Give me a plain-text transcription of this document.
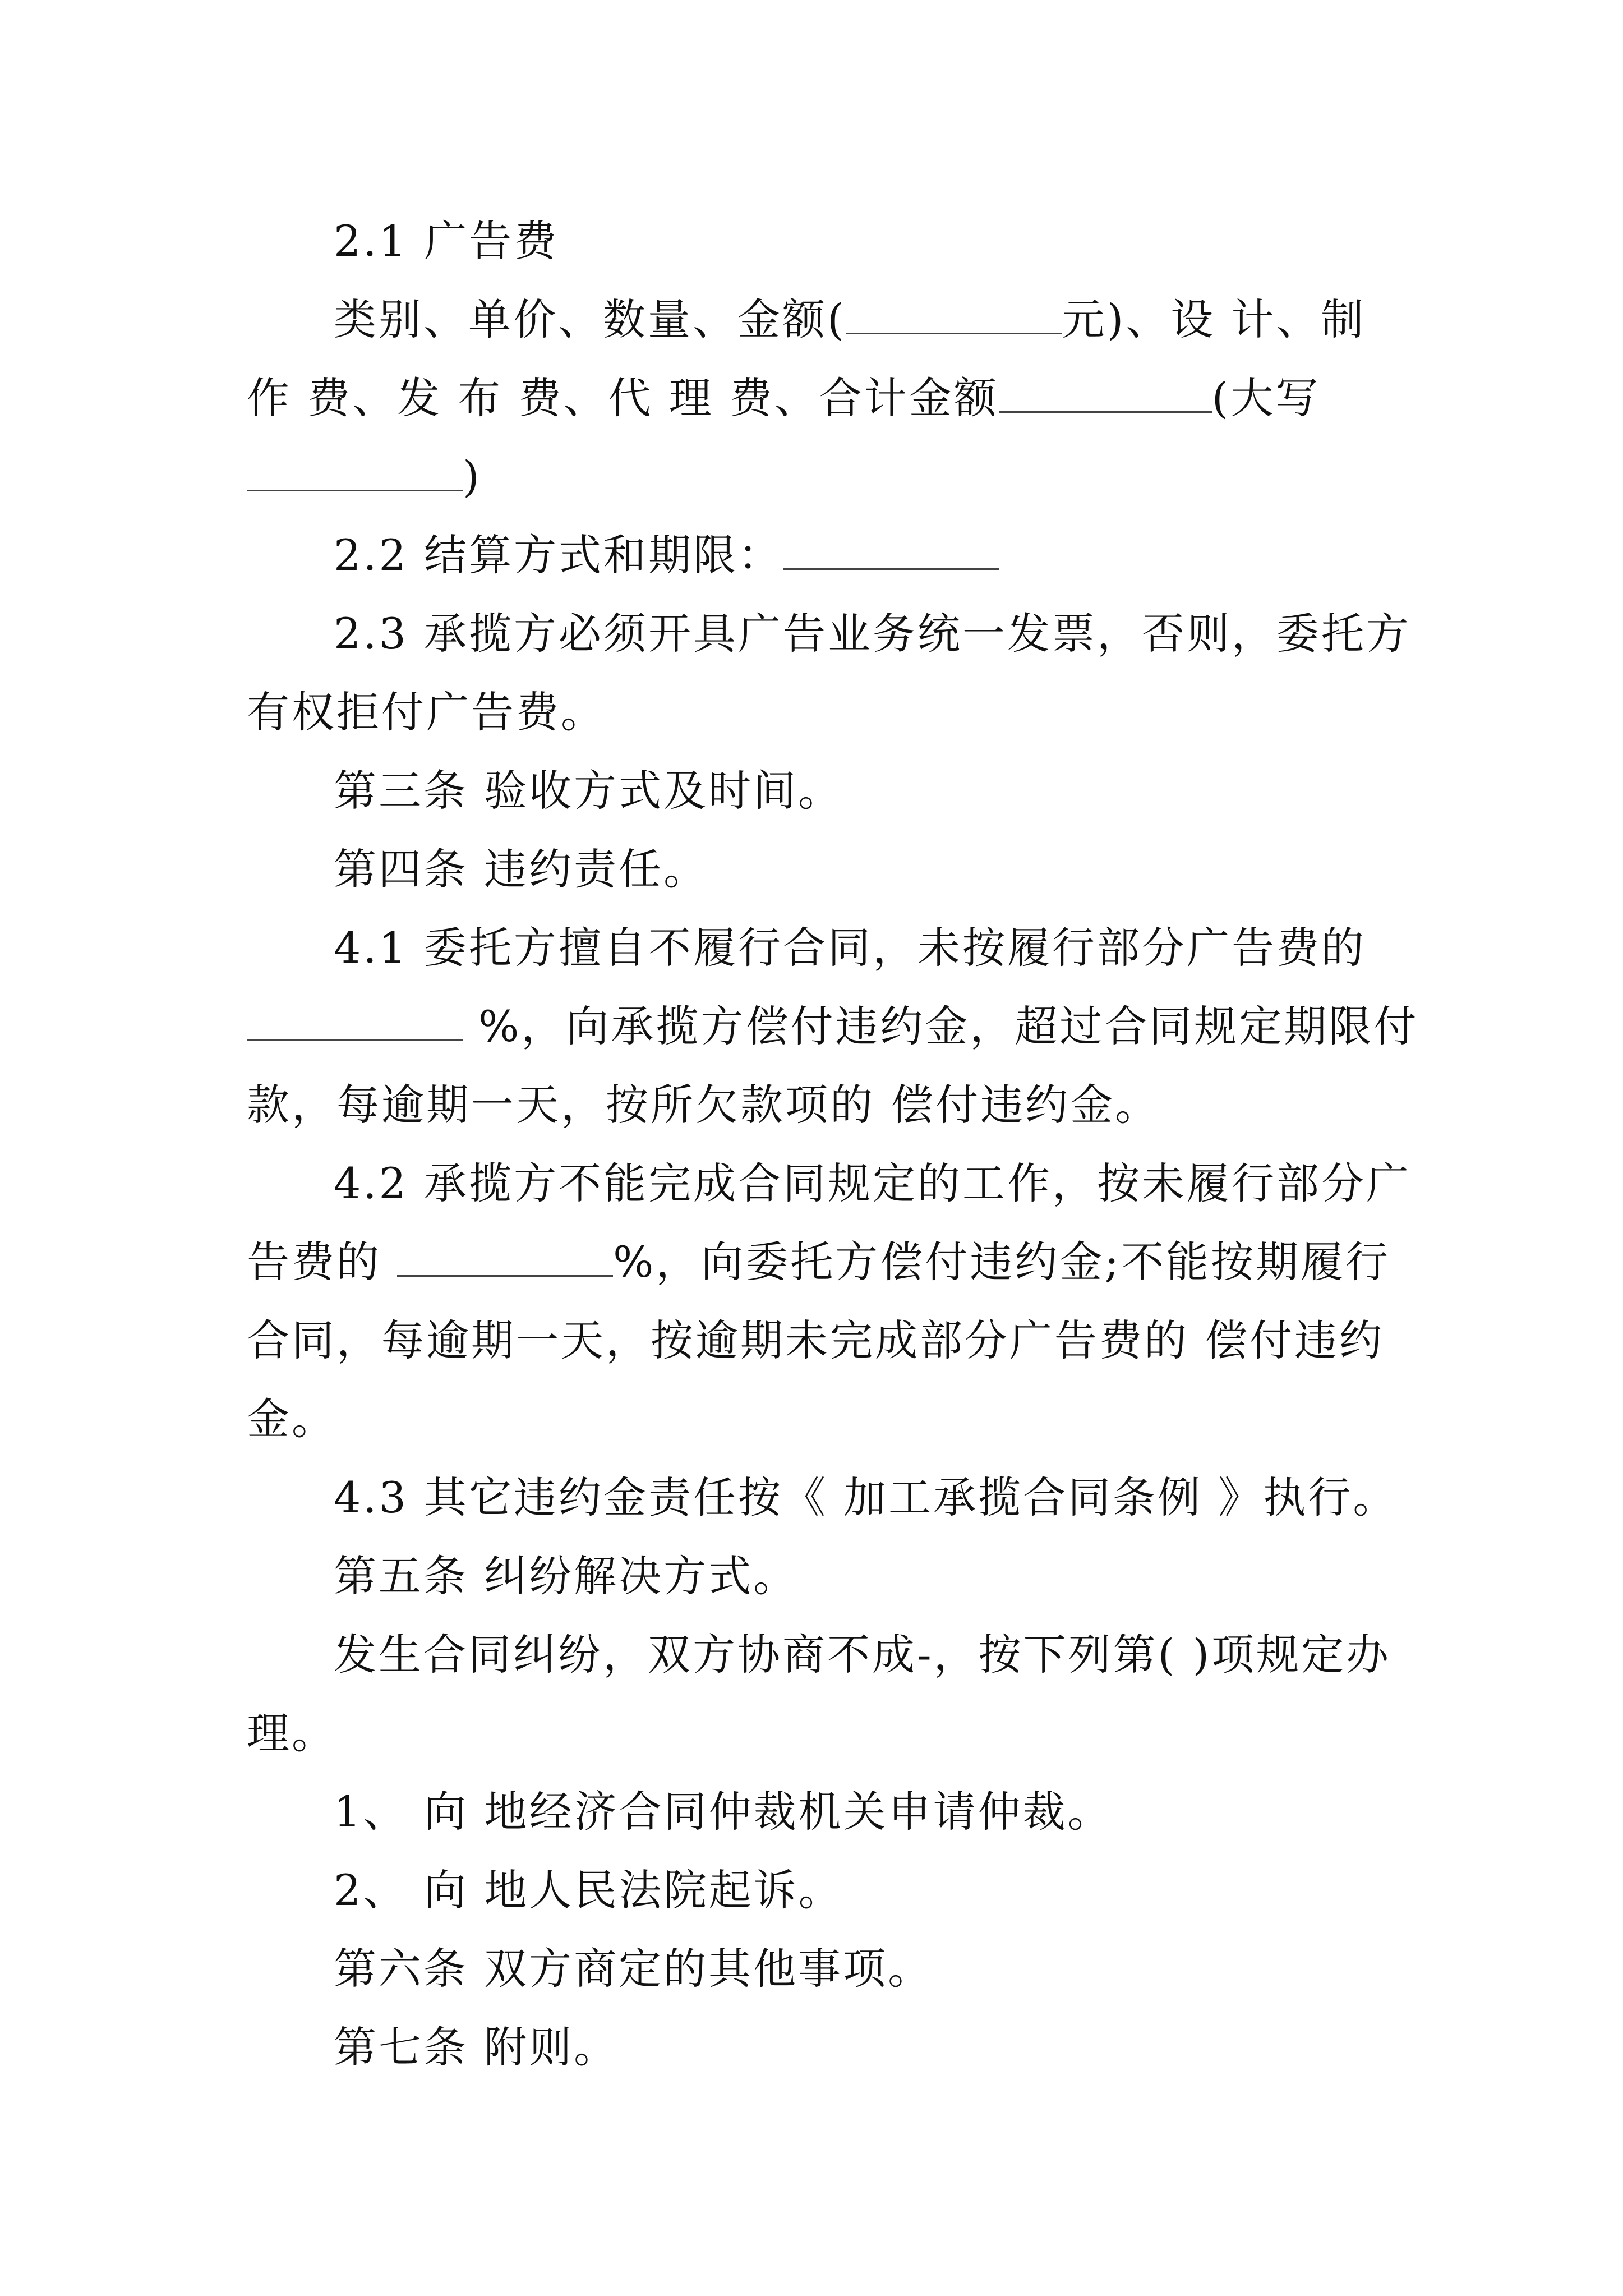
2.1 广告费
类别、单价、数量、金额(	元)、设 计、制
作 费、发 布 费、代 理 费、合计金额	(大写
)
2.2 结算方式和期限：
2.3 承揽方必须开具广告业务统一发票，否则，委托方
有权拒付广告费。
第三条 验收方式及时间。
第四条 违约责任。
4.1 委托方擅自不履行合同，未按履行部分广告费的
%，向承揽方偿付违约金，超过合同规定期限付
款，每逾期一天，按所欠款项的 偿付违约金。
4.2 承揽方不能完成合同规定的工作，按未履行部分广
告费的	%，向委托方偿付违约金;不能按期履行
合同，每逾期一天，按逾期未完成部分广告费的 偿付违约
金。
4.3 其它违约金责任按《 加工承揽合同条例 》执行。
第五条 纠纷解决方式。
发生合同纠纷，双方协商不成-，按下列第( )项规定办
理。
1、 向 地经济合同仲裁机关申请仲裁。
2、 向 地人民法院起诉。
第六条 双方商定的其他事项。
第七条 附则。
